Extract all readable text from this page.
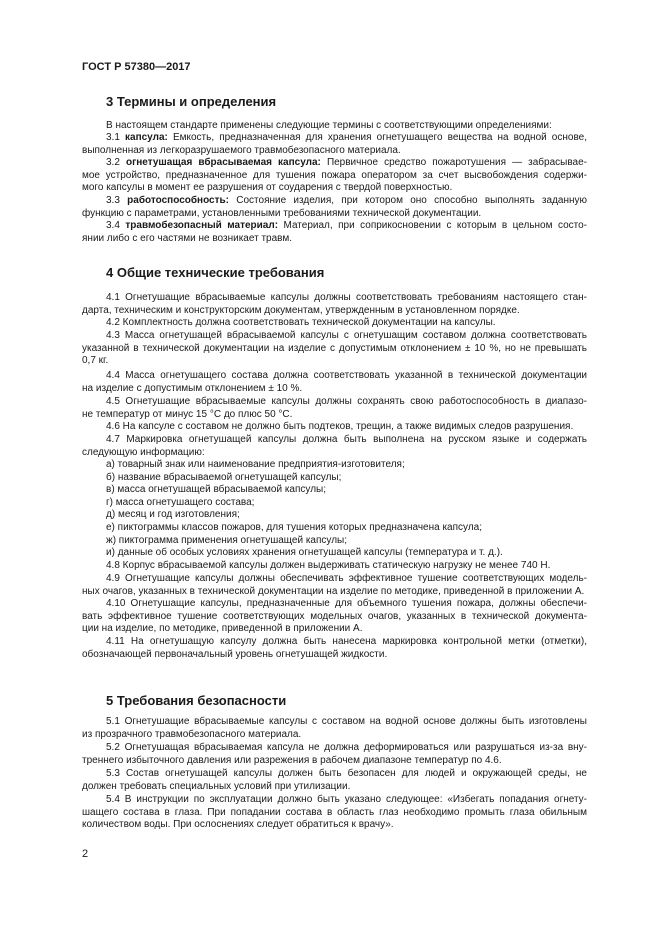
ГОСТ Р 57380—2017
3 Термины и определения
В настоящем стандарте применены следующие термины с соответствующими определениями:
3.1 капсула: Емкость, предназначенная для хранения огнетушащего вещества на водной основе,
выполненная из легкоразрушаемого травмобезопасного материала.
3.2 огнетушащая вбрасываемая капсула: Первичное средство пожаротушения — забрасывае-
мое устройство, предназначенное для тушения пожара оператором за счет высвобождения содержи-
мого капсулы в момент ее разрушения от соударения с твердой поверхностью.
3.3 работоспособность: Состояние изделия, при котором оно способно выполнять заданную
функцию с параметрами, установленными требованиями технической документации.
3.4 травмобезопасный материал: Материал, при соприкосновении с которым в цельном состо-
янии либо с его частями не возникает травм.
4 Общие технические требования
4.1 Огнетушащие вбрасываемые капсулы должны соответствовать требованиям настоящего стан-
дарта, техническим и конструкторским документам, утвержденным в установленном порядке.
4.2 Комплектность должна соответствовать технической документации на капсулы.
4.3 Масса огнетушащей вбрасываемой капсулы с огнетушащим составом должна соответствовать
указанной в технической документации на изделие с допустимым отклонением ± 10 %, но не превышать
0,7 кг.
4.4 Масса огнетушащего состава должна соответствовать указанной в технической документации
на изделие с допустимым отклонением ± 10 %.
4.5 Огнетушащие вбрасываемые капсулы должны сохранять свою работоспособность в диапазо-
не температур от минус 15 °С до плюс 50 °С.
4.6 На капсуле с составом не должно быть подтеков, трещин, а также видимых следов разрушения.
4.7 Маркировка огнетушащей капсулы должна быть выполнена на русском языке и содержать
следующую информацию:
а) товарный знак или наименование предприятия-изготовителя;
б) название вбрасываемой огнетушащей капсулы;
в) масса огнетушащей вбрасываемой капсулы;
г) масса огнетушащего состава;
д) месяц и год изготовления;
е) пиктограммы классов пожаров, для тушения которых предназначена капсула;
ж) пиктограмма применения огнетушащей капсулы;
и) данные об особых условиях хранения огнетушащей капсулы (температура и т. д.).
4.8 Корпус вбрасываемой капсулы должен выдерживать статическую нагрузку не менее 740 Н.
4.9 Огнетушащие капсулы должны обеспечивать эффективное тушение соответствующих модель-
ных очагов, указанных в технической документации на изделие по методике, приведенной в приложении А.
4.10 Огнетушащие капсулы, предназначенные для объемного тушения пожара, должны обеспечи-
вать эффективное тушение соответствующих модельных очагов, указанных в технической документа-
ции на изделие, по методике, приведенной в приложении А.
4.11 На огнетушащую капсулу должна быть нанесена маркировка контрольной метки (отметки),
обозначающей первоначальный уровень огнетушащей жидкости.
5 Требования безопасности
5.1 Огнетушащие вбрасываемые капсулы с составом на водной основе должны быть изготовлены
из прозрачного травмобезопасного материала.
5.2 Огнетушащая вбрасываемая капсула не должна деформироваться или разрушаться из-за вну-
треннего избыточного давления или разрежения в рабочем диапазоне температур по 4.6.
5.3 Состав огнетушащей капсулы должен быть безопасен для людей и окружающей среды, не
должен требовать специальных условий при утилизации.
5.4 В инструкции по эксплуатации должно быть указано следующее: «Избегать попадания огнету-
шащего состава в глаза. При попадании состава в область глаз необходимо промыть глаза обильным
количеством воды. При ослоснениях следует обратиться к врачу».
2
